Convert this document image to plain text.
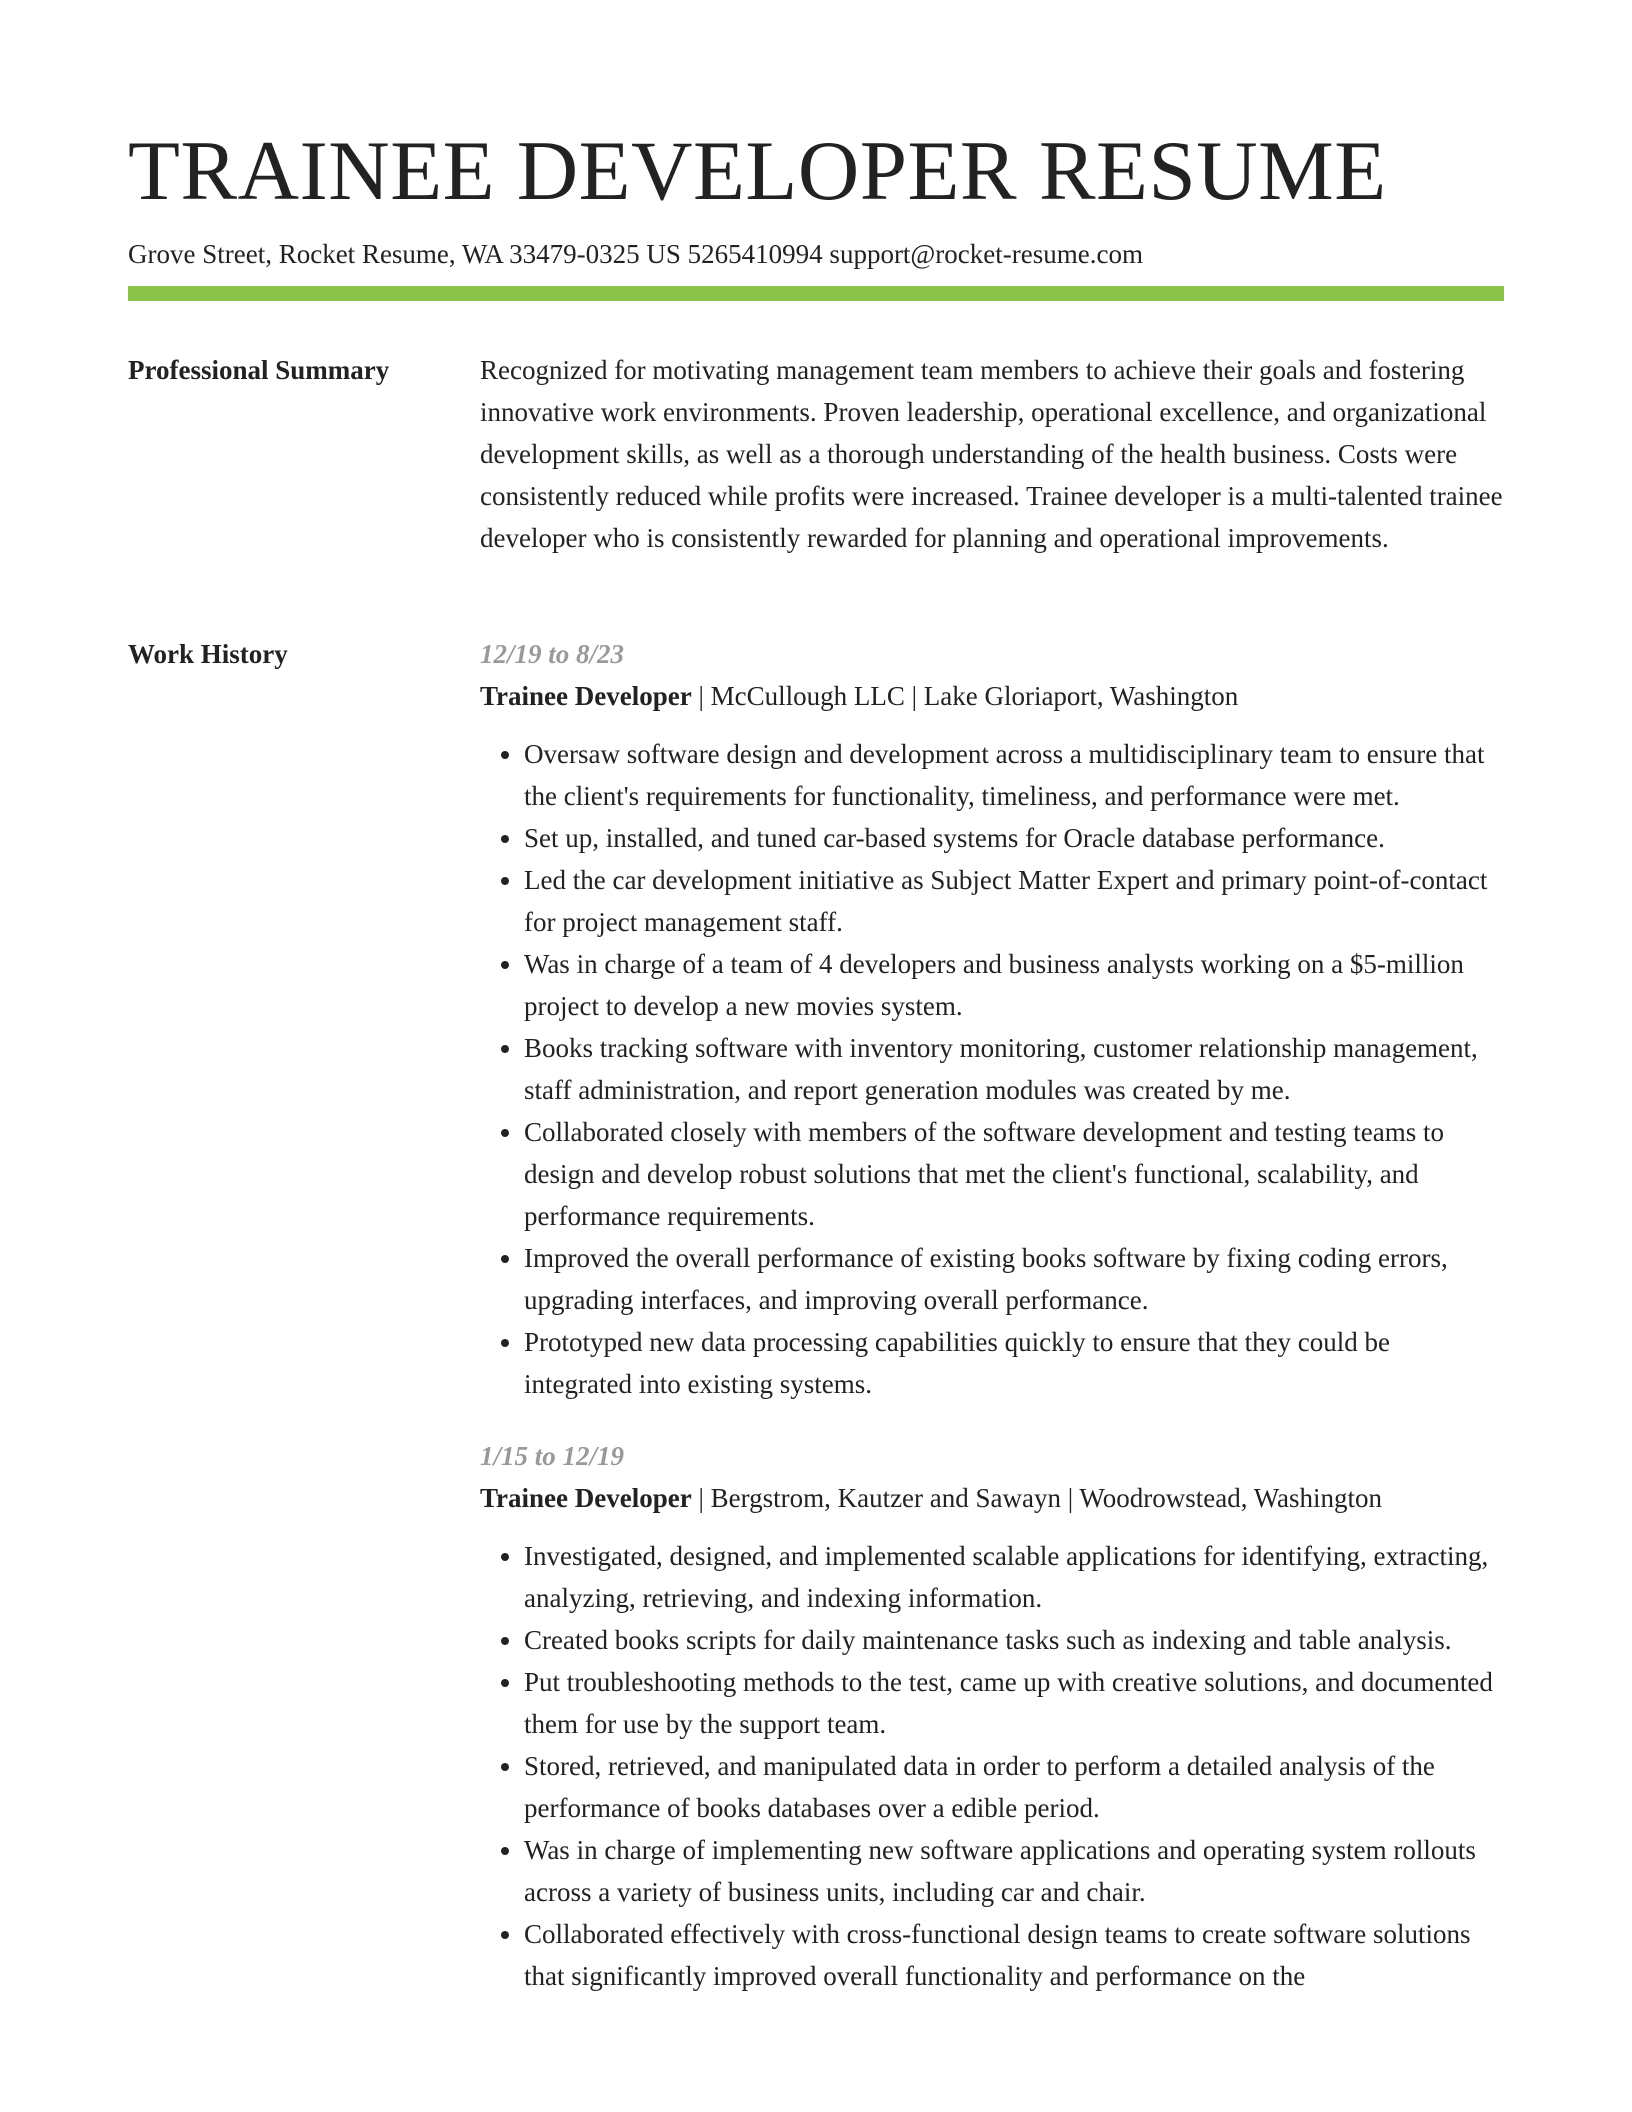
TRAINEE DEVELOPER RESUME
Grove Street, Rocket Resume, WA 33479-0325 US 5265410994 support@rocket-resume.com
Professional Summary	Recognized for motivating management team members to achieve their goals and fostering innovative work environments. Proven leadership, operational excellence, and organizational development skills, as well as a thorough understanding of the health business. Costs were consistently reduced while profits were increased. Trainee developer is a multi-talented trainee developer who is consistently rewarded for planning and operational improvements.

Work History	12/19 to 8/23
Trainee Developer | McCullough LLC | Lake Gloriaport, Washington
• Oversaw software design and development across a multidisciplinary team to ensure that the client's requirements for functionality, timeliness, and performance were met.
• Set up, installed, and tuned car-based systems for Oracle database performance.
• Led the car development initiative as Subject Matter Expert and primary point-of-contact for project management staff.
• Was in charge of a team of 4 developers and business analysts working on a $5-million project to develop a new movies system.
• Books tracking software with inventory monitoring, customer relationship management, staff administration, and report generation modules was created by me.
• Collaborated closely with members of the software development and testing teams to design and develop robust solutions that met the client's functional, scalability, and performance requirements.
• Improved the overall performance of existing books software by fixing coding errors, upgrading interfaces, and improving overall performance.
• Prototyped new data processing capabilities quickly to ensure that they could be integrated into existing systems.
1/15 to 12/19
Trainee Developer | Bergstrom, Kautzer and Sawayn | Woodrowstead, Washington
• Investigated, designed, and implemented scalable applications for identifying, extracting, analyzing, retrieving, and indexing information.
• Created books scripts for daily maintenance tasks such as indexing and table analysis.
• Put troubleshooting methods to the test, came up with creative solutions, and documented them for use by the support team.
• Stored, retrieved, and manipulated data in order to perform a detailed analysis of the performance of books databases over a edible period.
• Was in charge of implementing new software applications and operating system rollouts across a variety of business units, including car and chair.
• Collaborated effectively with cross-functional design teams to create software solutions that significantly improved overall functionality and performance on the
